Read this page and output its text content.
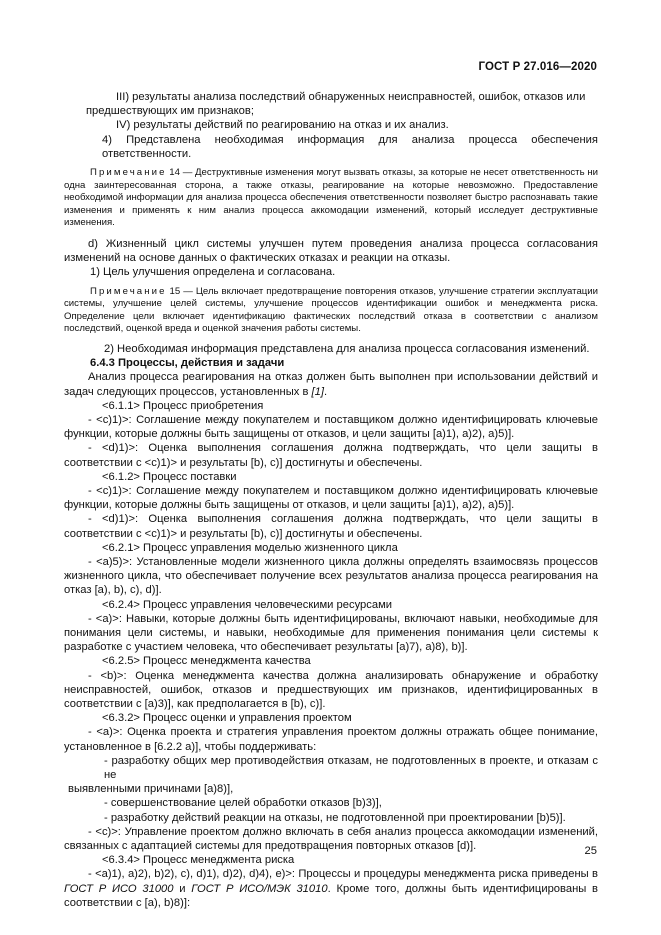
ГОСТ Р 27.016—2020

III) результаты анализа последствий обнаруженных неисправностей, ошибок, отказов или

предшествующих им признаков;

IV) результаты действий по реагированию на отказ и их анализ.

4) Представлена необходимая информация для анализа процесса обеспечения ответственности.

Примечание 14 — Деструктивные изменения могут вызвать отказы, за которые не несет ответственность ни одна заинтересованная сторона, а также отказы, реагирование на которые невозможно. Предоставление необходимой информации для анализа процесса обеспечения ответственности позволяет быстро распознавать такие изменения и применять к ним анализ процесса аккомодации изменений, который исследует деструктивные изменения.

d) Жизненный цикл системы улучшен путем проведения анализа процесса согласования изменений на основе данных о фактических отказах и реакции на отказы.

1) Цель улучшения определена и согласована.

Примечание 15 — Цель включает предотвращение повторения отказов, улучшение стратегии эксплуатации системы, улучшение целей системы, улучшение процессов идентификации ошибок и менеджмента риска. Определение цели включает идентификацию фактических последствий отказа в соответствии с анализом последствий, оценкой вреда и оценкой значения работы системы.

2) Необходимая информация представлена для анализа процесса согласования изменений.

6.4.3 Процессы, действия и задачи

Анализ процесса реагирования на отказ должен быть выполнен при использовании действий и задач следующих процессов, установленных в [1].

<6.1.1> Процесс приобретения

- <c)1)>: Соглашение между покупателем и поставщиком должно идентифицировать ключевые функции, которые должны быть защищены от отказов, и цели защиты [a)1), a)2), a)5)].

- <d)1)>: Оценка выполнения соглашения должна подтверждать, что цели защиты в соответствии с <c)1)> и результаты [b), c)] достигнуты и обеспечены.

<6.1.2> Процесс поставки

- <c)1)>: Соглашение между покупателем и поставщиком должно идентифицировать ключевые функции, которые должны быть защищены от отказов, и цели защиты [a)1), a)2), a)5)].

- <d)1)>: Оценка выполнения соглашения должна подтверждать, что цели защиты в соответствии с <c)1)> и результаты [b), c)] достигнуты и обеспечены.

<6.2.1> Процесс управления моделью жизненного цикла

- <a)5)>: Установленные модели жизненного цикла должны определять взаимосвязь процессов жизненного цикла, что обеспечивает получение всех результатов анализа процесса реагирования на отказ [a), b), c), d)].

<6.2.4> Процесс управления человеческими ресурсами

- <a)>: Навыки, которые должны быть идентифицированы, включают навыки, необходимые для понимания цели системы, и навыки, необходимые для применения понимания цели системы к разработке с участием человека, что обеспечивает результаты [a)7), a)8), b)].

<6.2.5> Процесс менеджмента качества

- <b)>: Оценка менеджмента качества должна анализировать обнаружение и обработку неисправностей, ошибок, отказов и предшествующих им признаков, идентифицированных в соответствии с [a)3)], как предполагается в [b), c)].

<6.3.2> Процесс оценки и управления проектом

- <a)>: Оценка проекта и стратегия управления проектом должны отражать общее понимание, установленное в [6.2.2 a)], чтобы поддерживать:

- разработку общих мер противодействия отказам, не подготовленных в проекте, и отказам с не

выявленными причинами [a)8)],

- совершенствование целей обработки отказов [b)3)],

- разработку действий реакции на отказы, не подготовленной при проектировании [b)5)].

- <c)>: Управление проектом должно включать в себя анализ процесса аккомодации изменений, связанных с адаптацией системы для предотвращения повторных отказов [d)].

<6.3.4> Процесс менеджмента риска

- <a)1), a)2), b)2), c), d)1), d)2), d)4), e)>: Процессы и процедуры менеджмента риска приведены в ГОСТ Р ИСО 31000 и ГОСТ Р ИСО/МЭК 31010. Кроме того, должны быть идентифицированы в соответствии с [a), b)8)]:

25
